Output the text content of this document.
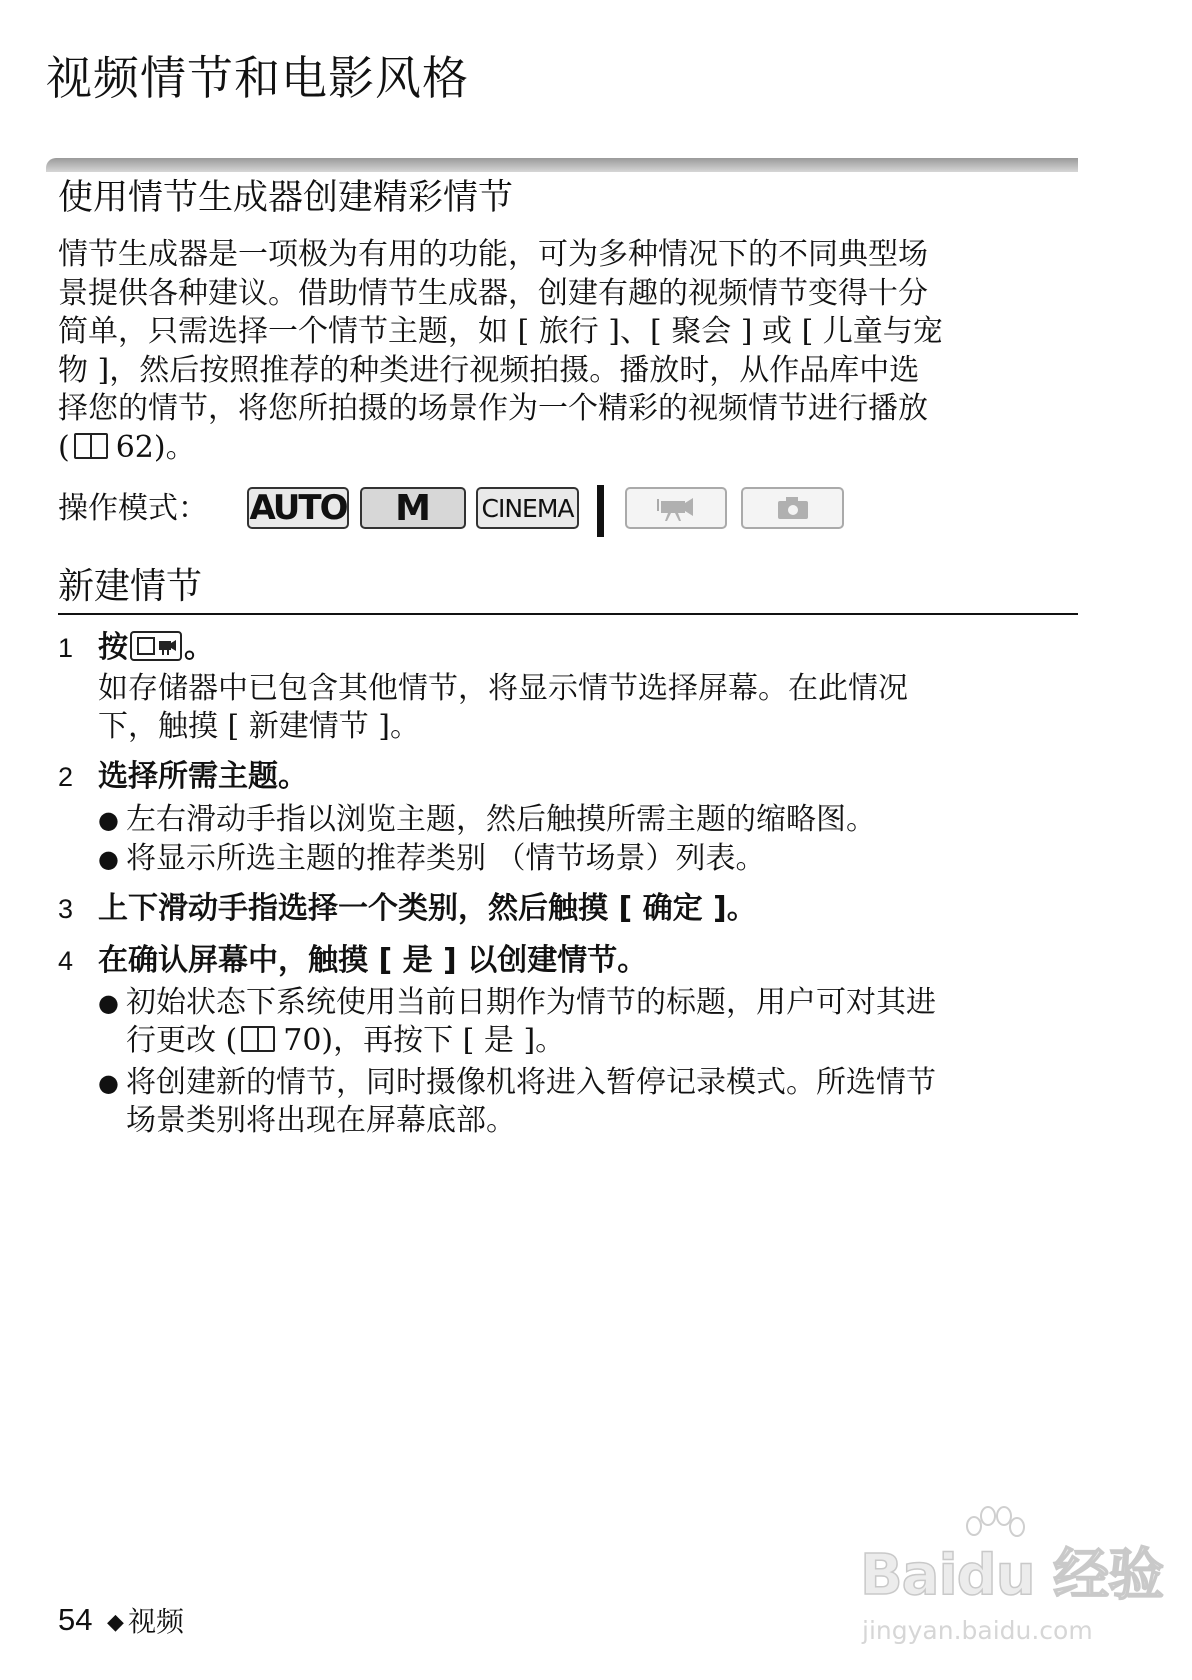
视频情节和电影风格
使用情节生成器创建精彩情节
情节生成器是一项极为有用的功能，可为多种情况下的不同典型场
景提供各种建议。借助情节生成器，创建有趣的视频情节变得十分
简单，只需选择一个情节主题，如 [ 旅行 ]、[ 聚会 ] 或 [ 儿童与宠
物 ]，然后按照推荐的种类进行视频拍摄。播放时，从作品库中选
择您的情节，将您所拍摄的场景作为一个精彩的视频情节进行播放
( 62)。
操作模式： AUTO	M	CINEMA
新建情节
1 按 。
如存储器中已包含其他情节，将显示情节选择屏幕。在此情况
下，触摸 [ 新建情节 ]。
2 选择所需主题。
● 左右滑动手指以浏览主题，然后触摸所需主题的缩略图。
● 将显示所选主题的推荐类别 （情节场景）列表。
3 上下滑动手指选择一个类别，然后触摸 [ 确定 ]。
4 在确认屏幕中，触摸 [ 是 ] 以创建情节。
● 初始状态下系统使用当前日期作为情节的标题，用户可对其进
行更改 ( 70)，再按下 [ 是 ]。
● 将创建新的情节，同时摄像机将进入暂停记录模式。所选情节
场景类别将出现在屏幕底部。
54 ◆ 视频
Baidu 经验
jingyan.baidu.com
